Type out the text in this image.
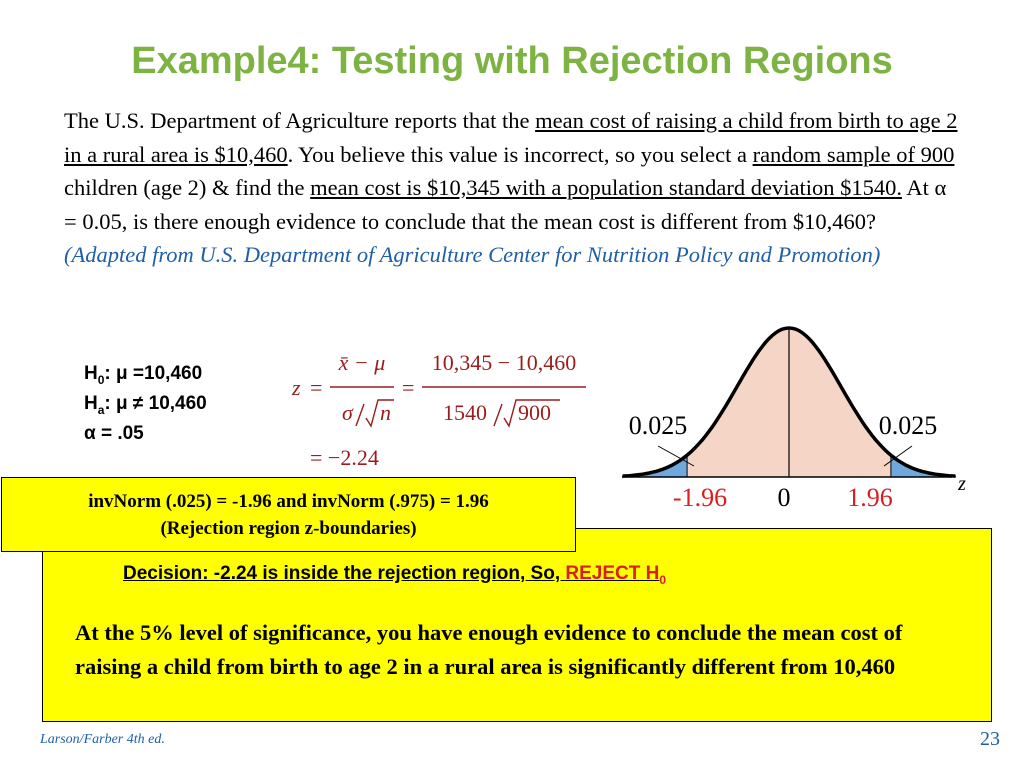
Example4: Testing with Rejection Regions
The U.S. Department of Agriculture reports that the mean cost of raising a child from birth to age 2 in a rural area is $10,460. You believe this value is incorrect, so you select a random sample of 900 children (age 2) & find the mean cost is $10,345 with a population standard deviation $1540. At α = 0.05, is there enough evidence to conclude that the mean cost is different from $10,460? (Adapted from U.S. Department of Agriculture Center for Nutrition Policy and Promotion)
$H_0$: μ =10,460
$H_a$: μ ≠ 10,460
α = .05
z =
x̄ − μ
σ n
=
10,345 − 10,460
1540 900
= −2.24
0.025	0.025
-1.96 0 1.96	z
Decision: -2.24 is inside the rejection region, So, REJECT $H_0$
At the 5% level of significance, you have enough evidence to conclude the mean cost of raising a child from birth to age 2 in a rural area is significantly different from 10,460
invNorm (.025) = -1.96 and invNorm (.975) = 1.96
(Rejection region z-boundaries)
Larson/Farber 4th ed.	23
